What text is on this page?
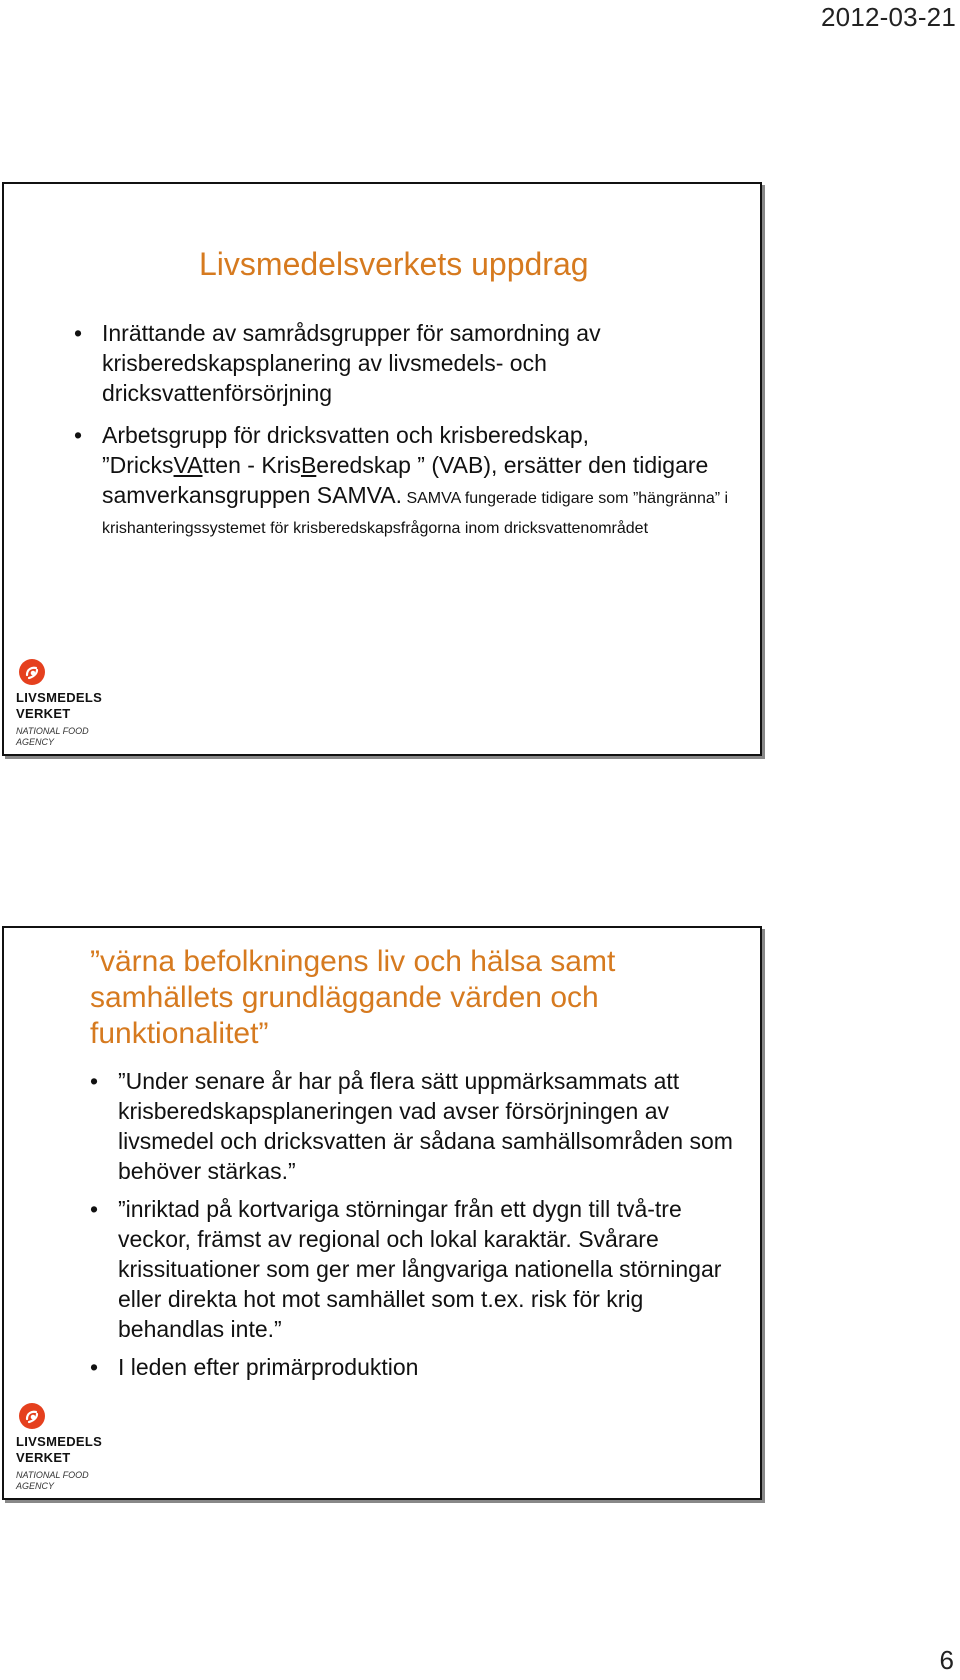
2012-03-21
Livsmedelsverkets uppdrag
• Inrättande av samrådsgrupper för samordning av krisberedskapsplanering av livsmedels- och dricksvattenförsörjning
• Arbetsgrupp för dricksvatten och krisberedskap, ”DricksVAtten - KrisBeredskap ” (VAB), ersätter den tidigare samverkansgruppen SAMVA. SAMVA fungerade tidigare som ”hängränna” i krishanteringssystemet för krisberedskapsfrågorna inom dricksvattenområdet
LIVSMEDELS
VERKET
NATIONAL FOOD
AGENCY
”värna befolkningens liv och hälsa samt samhällets grundläggande värden och funktionalitet”
• ”Under senare år har på flera sätt uppmärksammats att krisberedskapsplaneringen vad avser försörjningen av livsmedel och dricksvatten är sådana samhällsområden som behöver stärkas.”
• ”inriktad på kortvariga störningar från ett dygn till två-tre veckor, främst av regional och lokal karaktär. Svårare krissituationer som ger mer långvariga nationella störningar eller direkta hot mot samhället som t.ex. risk för krig behandlas inte.”
• I leden efter primärproduktion
LIVSMEDELS
VERKET
NATIONAL FOOD
AGENCY
6
